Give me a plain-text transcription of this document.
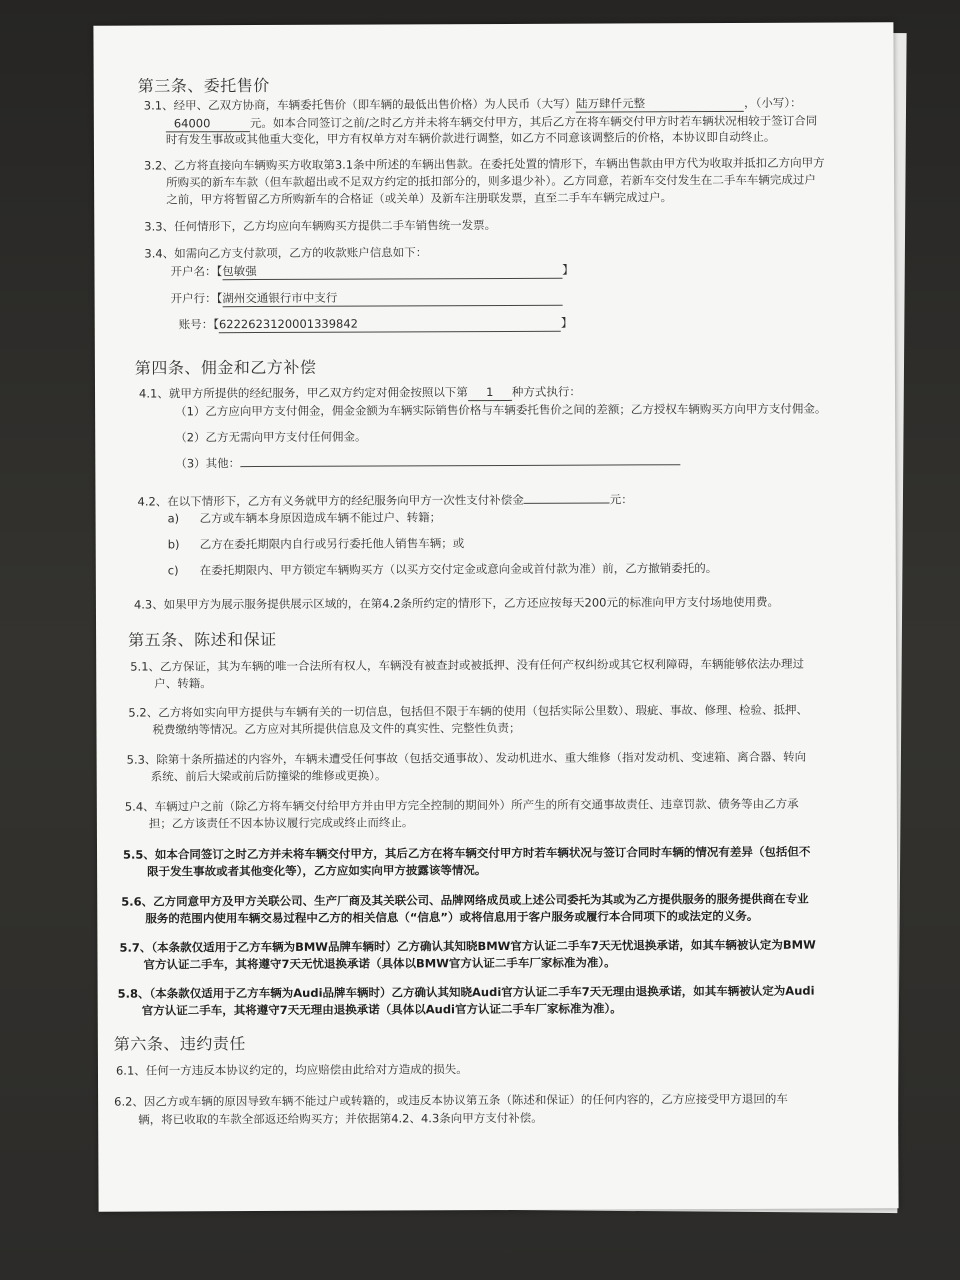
第三条、委托售价
3.1、经甲、乙双方协商，车辆委托售价（即车辆的最低出售价格）为人民币（大写）陆万肆仟元整	，（小写）：
64000	元。如本合同签订之前/之时乙方并未将车辆交付甲方，其后乙方在将车辆交付甲方时若车辆状况相较于签订合同
时有发生事故或其他重大变化，甲方有权单方对车辆价款进行调整，如乙方不同意该调整后的价格，本协议即自动终止。
3.2、乙方将直接向车辆购买方收取第3.1条中所述的车辆出售款。在委托处置的情形下，车辆出售款由甲方代为收取并抵扣乙方向甲方
所购买的新车车款（但车款超出或不足双方约定的抵扣部分的，则多退少补）。乙方同意，若新车交付发生在二手车车辆完成过户
之前，甲方将暂留乙方所购新车的合格证（或关单）及新车注册联发票，直至二手车车辆完成过户。
3.3、任何情形下，乙方均应向车辆购买方提供二手车销售统一发票。
3.4、如需向乙方支付款项，乙方的收款账户信息如下：
开户名：【包敏强	】
开户行：【湖州交通银行市中支行
账号：【622262312000133984​2	】
第四条、佣金和乙方补偿
4.1、就甲方所提供的经纪服务，甲乙双方约定对佣金按照以下第 1 种方式执行：
（1）乙方应向甲方支付佣金，佣金金额为车辆实际销售价格与车辆委托售价之间的差额；乙方授权车辆购买方向甲方支付佣金。
（2）乙方无需向甲方支付任何佣金。
（3）其他：
4.2、在以下情形下，乙方有义务就甲方的经纪服务向甲方一次性支付补偿金	元：
a) 乙方或车辆本身原因造成车辆不能过户、转籍；
b) 乙方在委托期限内自行或另行委托他人销售车辆；或
c) 在委托期限内、甲方锁定车辆购买方（以买方交付定金或意向金或首付款为准）前，乙方撤销委托的。
4.3、如果甲方为展示服务提供展示区域的，在第4.2条所约定的情形下，乙方还应按每天200元的标准向甲方支付场地使用费。
第五条、陈述和保证
5.1、乙方保证，其为车辆的唯一合法所有权人，车辆没有被查封或被抵押、没有任何产权纠纷或其它权利障碍，车辆能够依法办理过
户、转籍。
5.2、乙方将如实向甲方提供与车辆有关的一切信息，包括但不限于车辆的使用（包括实际公里数）、瑕疵、事故、修理、检验、抵押、
税费缴纳等情况。乙方应对其所提供信息及文件的真实性、完整性负责；
5.3、除第十条所描述的内容外，车辆未遭受任何事故（包括交通事故）、发动机进水、重大维修（指对发动机、变速箱、离合器、转向
系统、前后大梁或前后防撞梁的维修或更换）。
5.4、车辆过户之前（除乙方将车辆交付给甲方并由甲方完全控制的期间外）所产生的所有交通事故责任、违章罚款、债务等由乙方承
担；乙方该责任不因本协议履行完成或终止而终止。
5.5、如本合同签订之时乙方并未将车辆交付甲方，其后乙方在将车辆交付甲方时若车辆状况与签订合同时车辆的情况有差异（包括但不
限于发生事故或者其他变化等），乙方应如实向甲方披露该等情况。
5.6、乙方同意甲方及甲方关联公司、生产厂商及其关联公司、品牌网络成员或上述公司委托为其或为乙方提供服务的服务提供商在专业
服务的范围内使用车辆交易过程中乙方的相关信息（“信息”）或将信息用于客户服务或履行本合同项下的或法定的义务。
5.7、（本条款仅适用于乙方车辆为BMW品牌车辆时）乙方确认其知晓BMW官方认证二手车7天无忧退换承诺，如其车辆被认定为BMW
官方认证二手车，其将遵守7天无忧退换承诺（具体以BMW官方认证二手车厂家标准为准）。
5.8、（本条款仅适用于乙方车辆为Audi品牌车辆时）乙方确认其知晓Audi官方认证二手车7天无理由退换承诺，如其车辆被认定为Audi
官方认证二手车，其将遵守7天无理由退换承诺（具体以Audi官方认证二手车厂家标准为准）。
第六条、违约责任
6.1、任何一方违反本协议约定的，均应赔偿由此给对方造成的损失。
6.2、因乙方或车辆的原因导致车辆不能过户或转籍的，或违反本协议第五条（陈述和保证）的任何内容的，乙方应接受甲方退回的车
辆，将已收取的车款全部返还给购买方；并依据第4.2、4.3条向甲方支付补偿。
